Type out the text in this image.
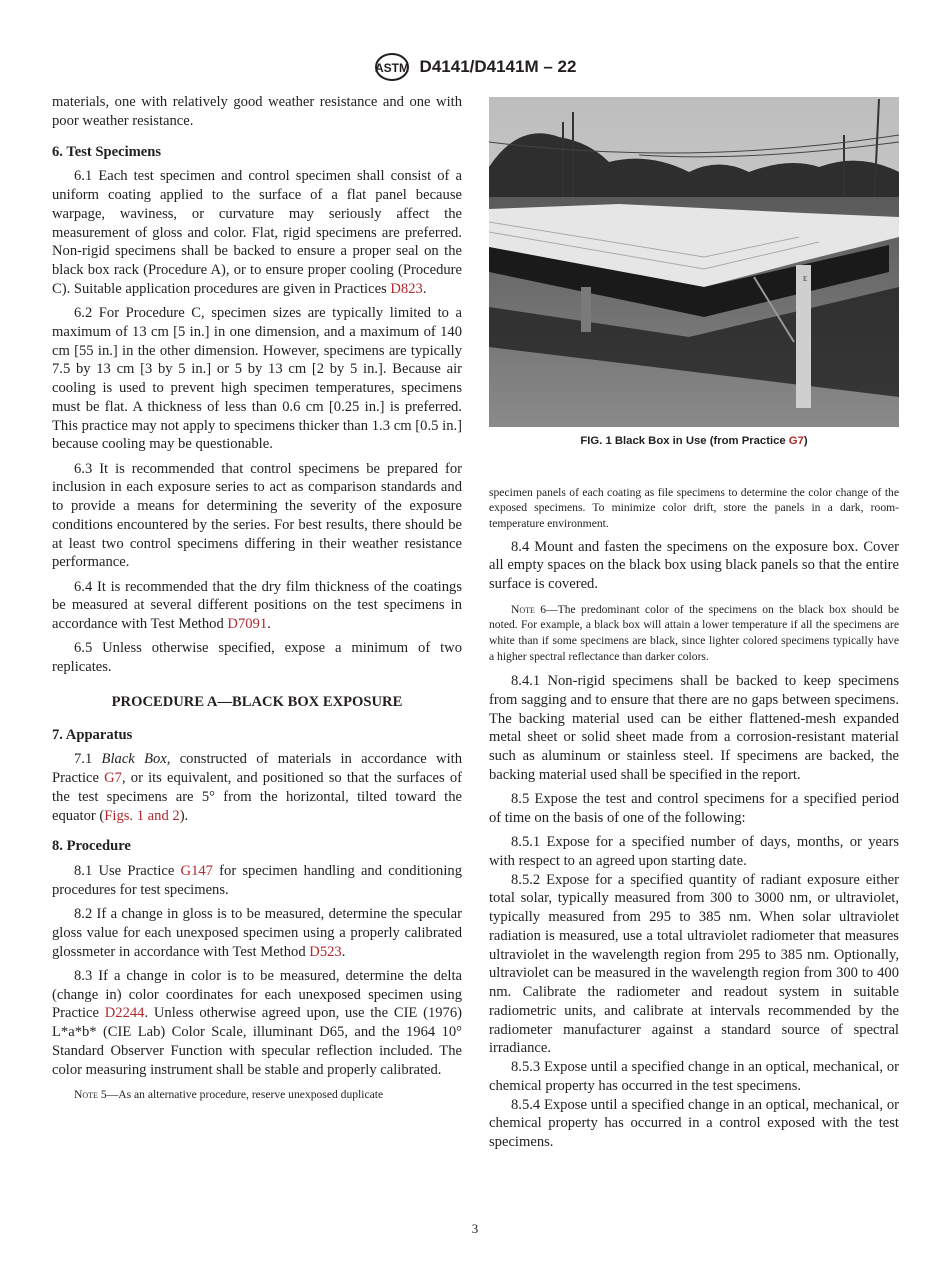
ASTM D4141/D4141M – 22
materials, one with relatively good weather resistance and one with poor weather resistance.
6. Test Specimens
6.1 Each test specimen and control specimen shall consist of a uniform coating applied to the surface of a flat panel because warpage, waviness, or curvature may seriously affect the measurement of gloss and color. Flat, rigid specimens are preferred. Non-rigid specimens shall be backed to ensure a proper seal on the black box rack (Procedure A), or to ensure proper cooling (Procedure C). Suitable application procedures are given in Practices D823.
6.2 For Procedure C, specimen sizes are typically limited to a maximum of 13 cm [5 in.] in one dimension, and a maximum of 140 cm [55 in.] in the other dimension. However, specimens are typically 7.5 by 13 cm [3 by 5 in.] or 5 by 13 cm [2 by 5 in.]. Because air cooling is used to prevent high specimen temperatures, specimens must be flat. A thickness of less than 0.6 cm [0.25 in.] is preferred. This practice may not apply to specimens thicker than 1.3 cm [0.5 in.] because cooling may be questionable.
6.3 It is recommended that control specimens be prepared for inclusion in each exposure series to act as comparison standards and to provide a means for determining the severity of the exposure conditions encountered by the series. For best results, there should be at least two control specimens differing in their weather resistance performance.
6.4 It is recommended that the dry film thickness of the coatings be measured at several different positions on the test specimens in accordance with Test Method D7091.
6.5 Unless otherwise specified, expose a minimum of two replicates.
PROCEDURE A—BLACK BOX EXPOSURE
7. Apparatus
7.1 Black Box, constructed of materials in accordance with Practice G7, or its equivalent, and positioned so that the surfaces of the test specimens are 5° from the horizontal, tilted toward the equator (Figs. 1 and 2).
8. Procedure
8.1 Use Practice G147 for specimen handling and conditioning procedures for test specimens.
8.2 If a change in gloss is to be measured, determine the specular gloss value for each unexposed specimen using a properly calibrated glossmeter in accordance with Test Method D523.
8.3 If a change in color is to be measured, determine the delta (change in) color coordinates for each unexposed specimen using Practice D2244. Unless otherwise agreed upon, use the CIE (1976) L*a*b* (CIE Lab) Color Scale, illuminant D65, and the 1964 10° Standard Observer Function with specular reflection included. The color measuring instrument shall be stable and properly calibrated.
Note 5—As an alternative procedure, reserve unexposed duplicate
E
FIG. 1 Black Box in Use (from Practice G7)
specimen panels of each coating as file specimens to determine the color change of the exposed specimens. To minimize color drift, store the panels in a dark, room-temperature environment.
8.4 Mount and fasten the specimens on the exposure box. Cover all empty spaces on the black box using black panels so that the entire surface is covered.
Note 6—The predominant color of the specimens on the black box should be noted. For example, a black box will attain a lower temperature if all the specimens are white than if some specimens are black, since lighter colored specimens typically have a higher spectral reflectance than darker colors.
8.4.1 Non-rigid specimens shall be backed to keep specimens from sagging and to ensure that there are no gaps between specimens. The backing material used can be either flattened-mesh expanded metal sheet or solid sheet made from a corrosion-resistant material such as aluminum or stainless steel. If specimens are backed, the backing material used shall be specified in the report.
8.5 Expose the test and control specimens for a specified period of time on the basis of one of the following:
8.5.1 Expose for a specified number of days, months, or years with respect to an agreed upon starting date.
8.5.2 Expose for a specified quantity of radiant exposure either total solar, typically measured from 300 to 3000 nm, or ultraviolet, typically measured from 295 to 385 nm. When solar ultraviolet radiation is measured, use a total ultraviolet radiometer that measures ultraviolet in the wavelength region from 295 to 385 nm. Optionally, ultraviolet can be measured in the wavelength region from 300 to 400 nm. Calibrate the radiometer and readout system in suitable radiometric units, and calibrate at intervals recommended by the radiometer manufacturer against a standard source of spectral irradiance.
8.5.3 Expose until a specified change in an optical, mechanical, or chemical property has occurred in the test specimens.
8.5.4 Expose until a specified change in an optical, mechanical, or chemical property has occurred in a control exposed with the test specimens.
3
